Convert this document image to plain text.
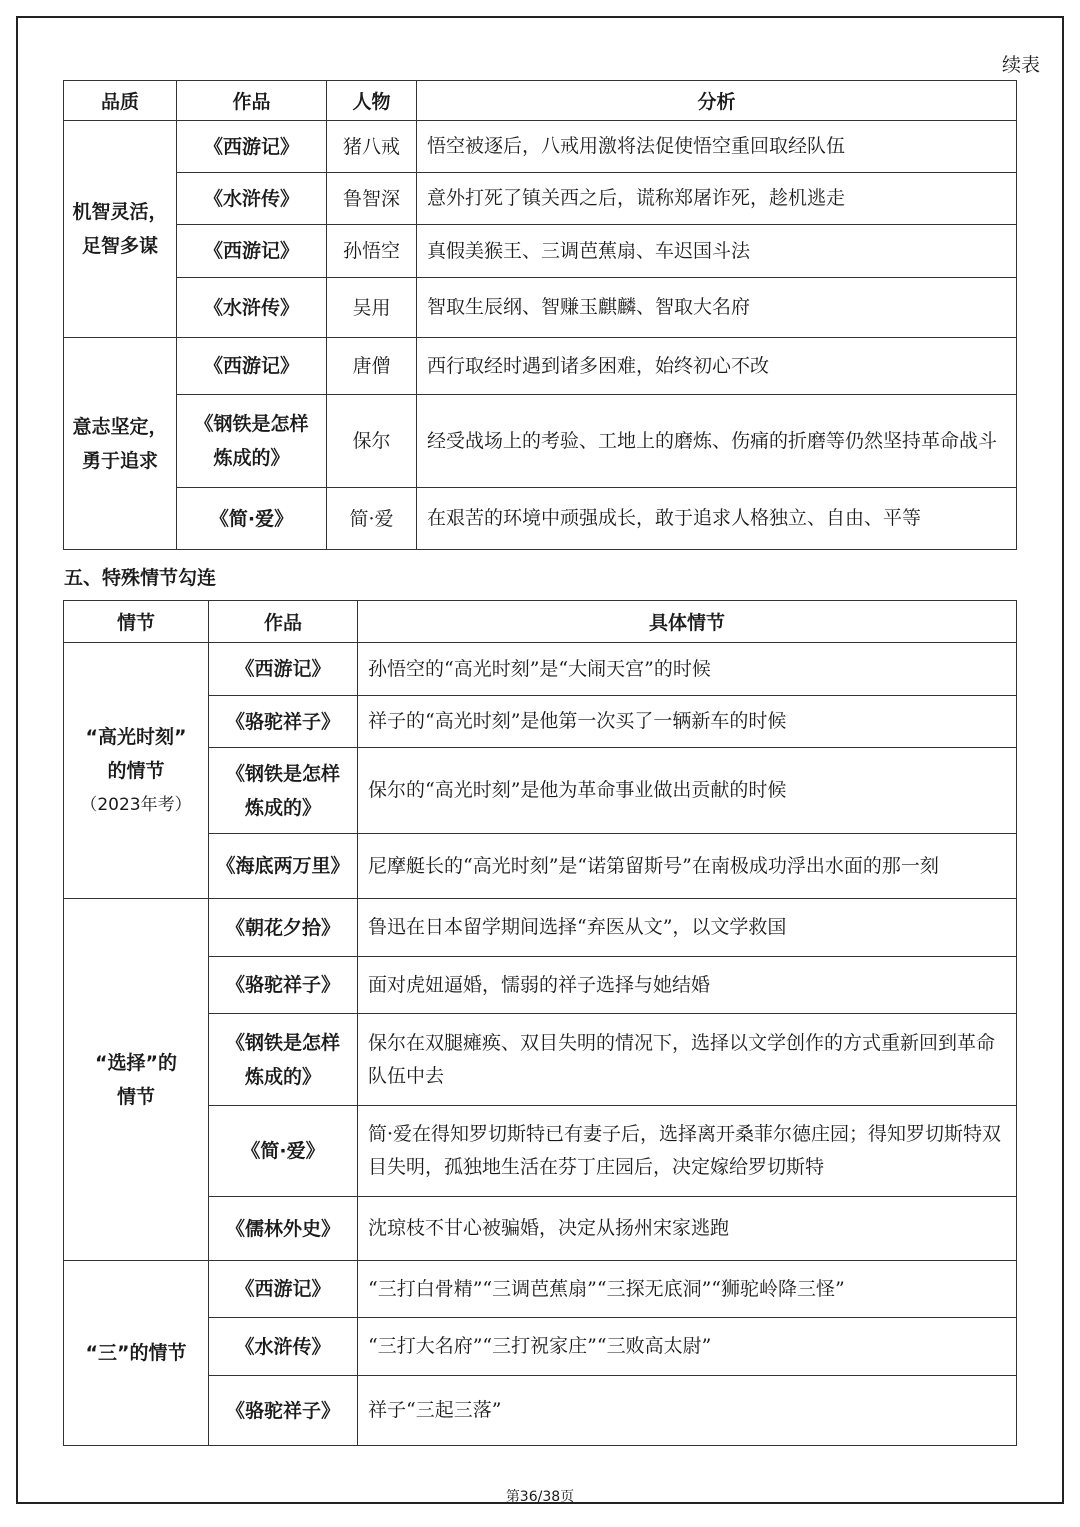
续表
品质	作品	人物	分析

机智灵活，
足智多谋	《西游记》	猪八戒	悟空被逐后，八戒用激将法促使悟空重回取经队伍
	《水浒传》	鲁智深	意外打死了镇关西之后，谎称郑屠诈死，趁机逃走
	《西游记》	孙悟空	真假美猴王、三调芭蕉扇、车迟国斗法
	《水浒传》	吴用	智取生辰纲、智赚玉麒麟、智取大名府

意志坚定，
勇于追求	《西游记》	唐僧	西行取经时遇到诸多困难，始终初心不改

	《钢铁是怎样
炼成的》	保尔	经受战场上的考验、工地上的磨炼、伤痛的折磨等仍然坚持革命战斗
	《简·爱》	简·爱	在艰苦的环境中顽强成长，敢于追求人格独立、自由、平等
五、特殊情节勾连
情节	作品	具体情节

“高光时刻”
的情节
（2023年考）	《西游记》	孙悟空的“高光时刻”是“大闹天宫”的时候
	《骆驼祥子》	祥子的“高光时刻”是他第一次买了一辆新车的时候

	《钢铁是怎样
炼成的》	保尔的“高光时刻”是他为革命事业做出贡献的时候
	《海底两万里》	尼摩艇长的“高光时刻”是“诺第留斯号”在南极成功浮出水面的那一刻

“选择”的
情节	《朝花夕拾》	鲁迅在日本留学期间选择“弃医从文”，以文学救国
	《骆驼祥子》	面对虎妞逼婚，懦弱的祥子选择与她结婚

	《钢铁是怎样
炼成的》	保尔在双腿瘫痪、双目失明的情况下，选择以文学创作的方式重新回到革命队伍中去
	《简·爱》	简·爱在得知罗切斯特已有妻子后，选择离开桑菲尔德庄园；得知罗切斯特双目失明，孤独地生活在芬丁庄园后，决定嫁给罗切斯特
	《儒林外史》	沈琼枝不甘心被骗婚，决定从扬州宋家逃跑
“三”的情节	《西游记》	“三打白骨精”“三调芭蕉扇”“三探无底洞”“狮驼岭降三怪”
	《水浒传》	“三打大名府”“三打祝家庄”“三败高太尉”
	《骆驼祥子》	祥子“三起三落”
第36/38页
